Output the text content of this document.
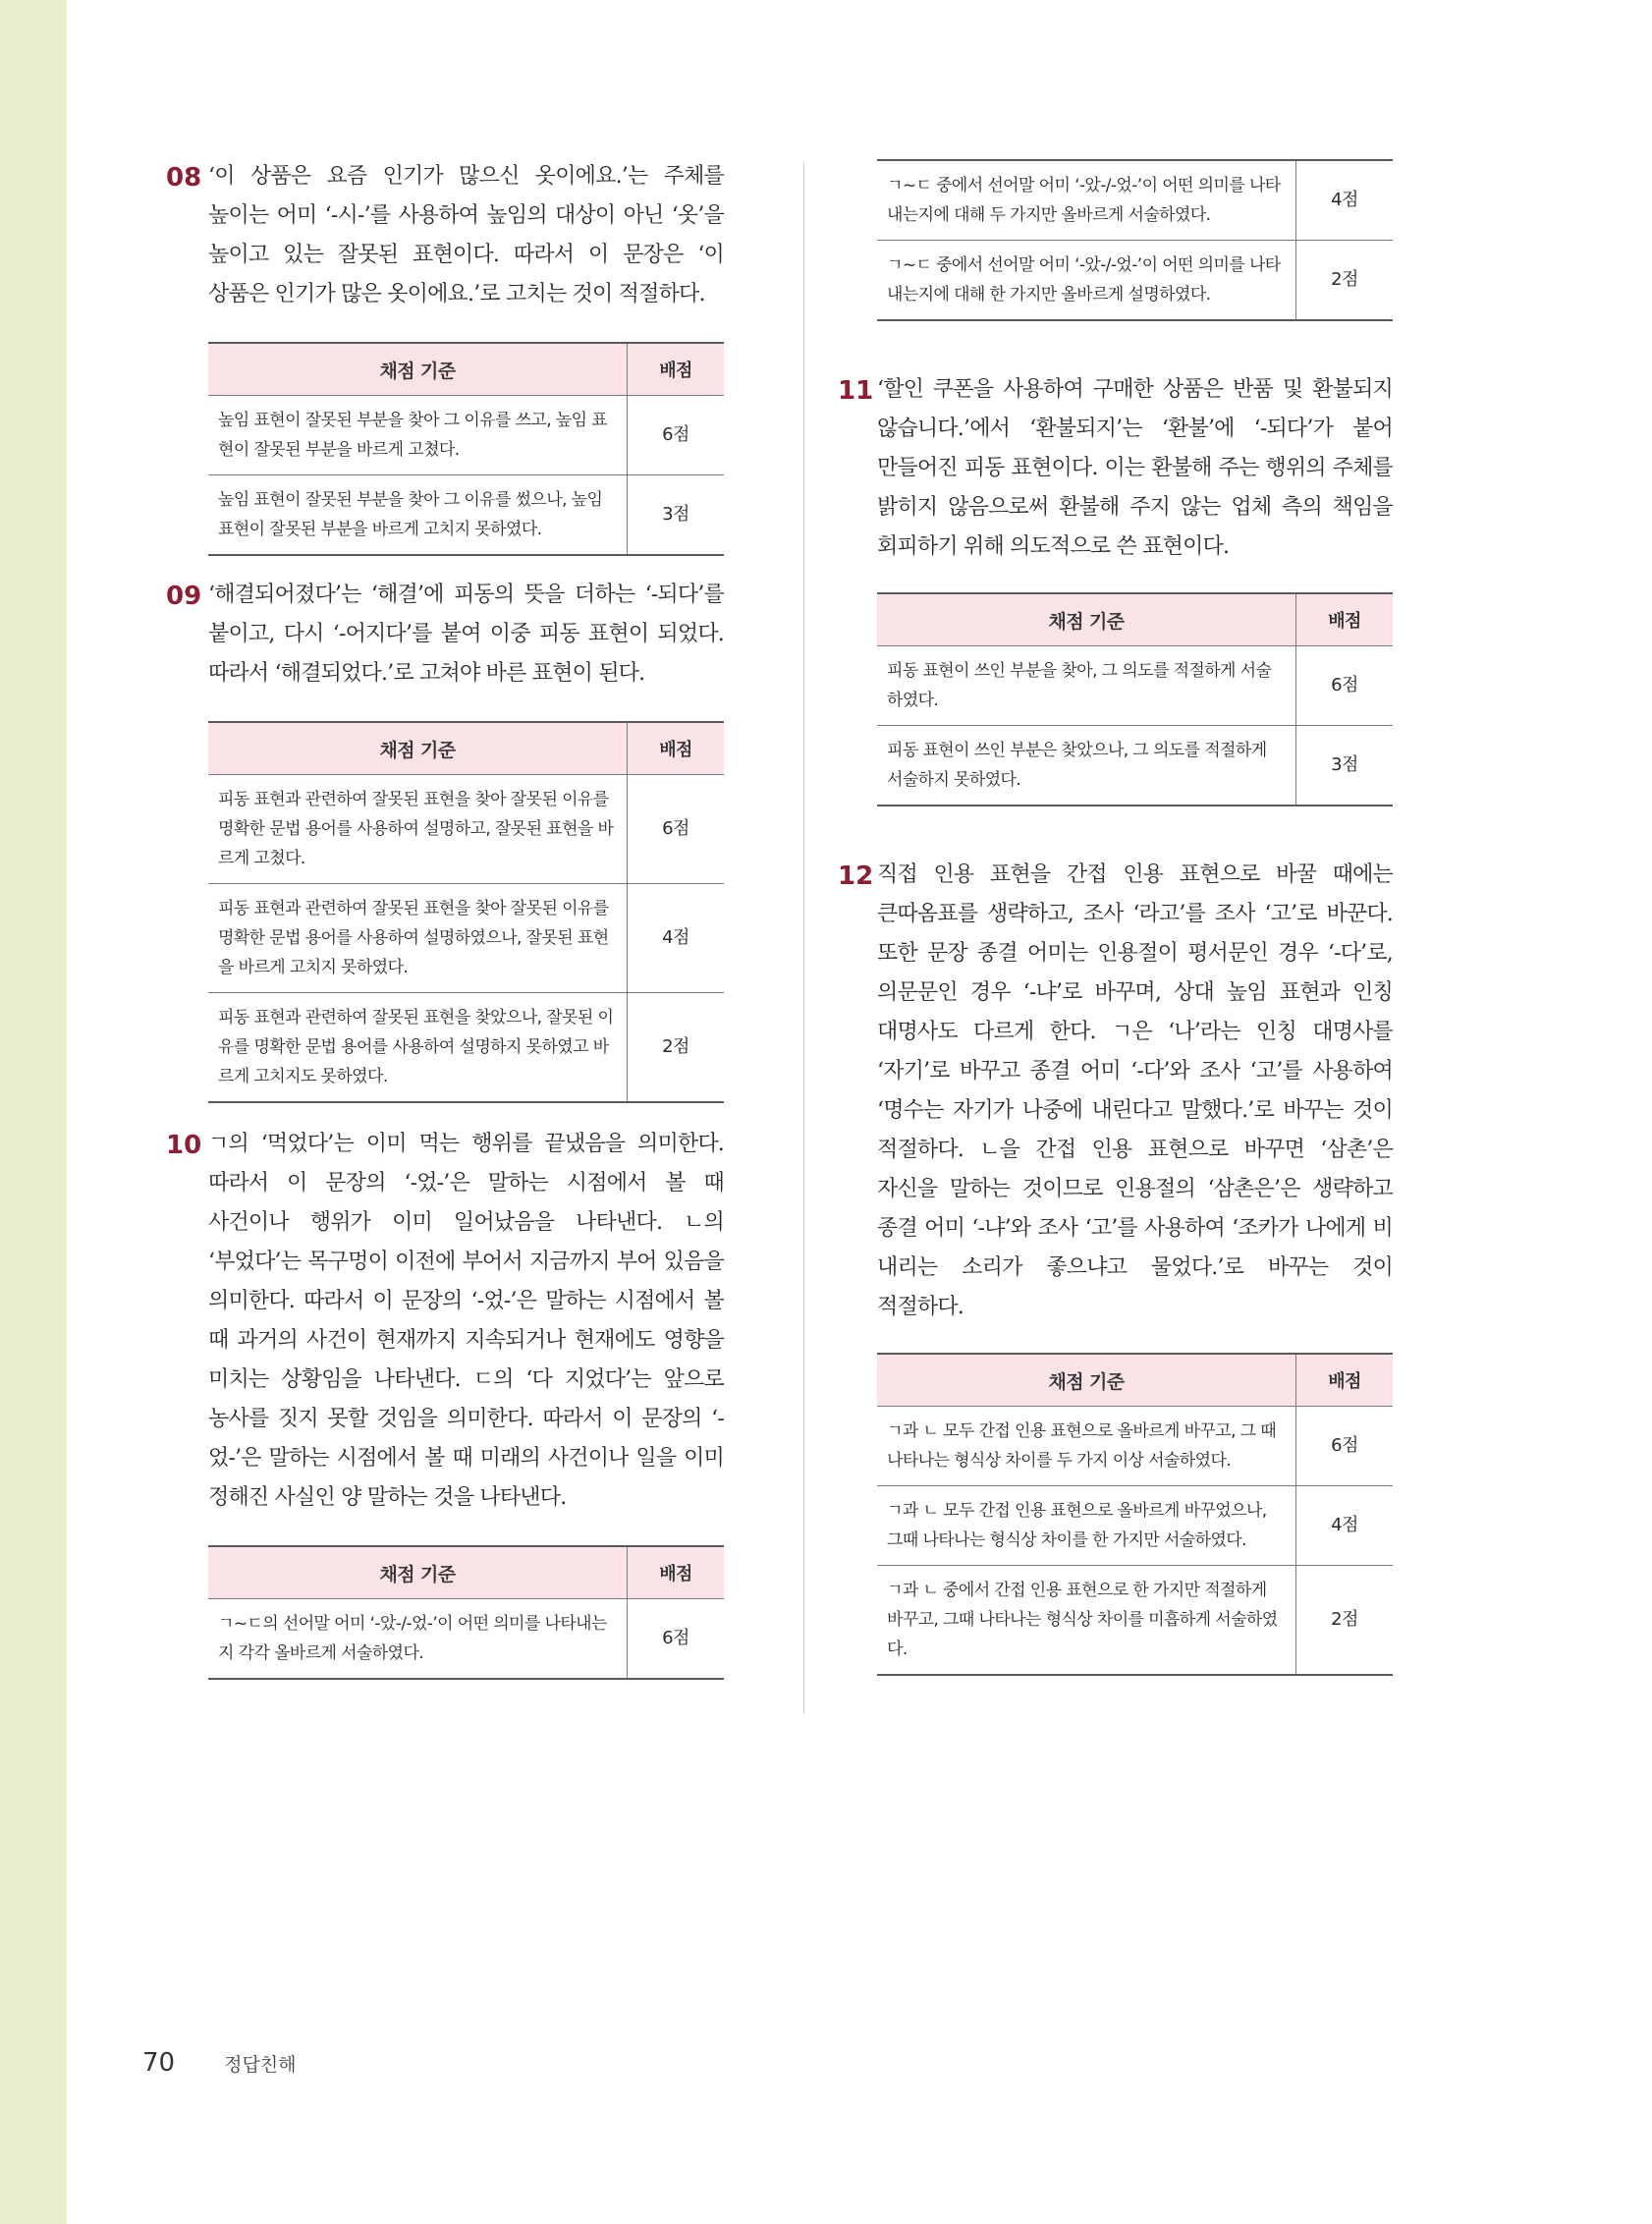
08 ‘이 상품은 요즘 인기가 많으신 옷이에요.’는 주체를 높이는 어미 ‘-시-’를 사용하여 높임의 대상이 아닌 ‘옷’을 높이고 있는 잘못된 표현이다. 따라서 이 문장은 ‘이 상품은 인기가 많은 옷이에요.’로 고치는 것이 적절하다.

채점 기준	배점
높임 표현이 잘못된 부분을 찾아 그 이유를 쓰고, 높임 표현이 잘못된 부분을 바르게 고쳤다.	6점
높임 표현이 잘못된 부분을 찾아 그 이유를 썼으나, 높임 표현이 잘못된 부분을 바르게 고치지 못하였다.	3점
09 ‘해결되어졌다’는 ‘해결’에 피동의 뜻을 더하는 ‘-되다’를 붙이고, 다시 ‘-어지다’를 붙여 이중 피동 표현이 되었다. 따라서 ‘해결되었다.’로 고쳐야 바른 표현이 된다.

채점 기준	배점
피동 표현과 관련하여 잘못된 표현을 찾아 잘못된 이유를 명확한 문법 용어를 사용하여 설명하고, 잘못된 표현을 바르게 고쳤다.	6점
피동 표현과 관련하여 잘못된 표현을 찾아 잘못된 이유를 명확한 문법 용어를 사용하여 설명하였으나, 잘못된 표현을 바르게 고치지 못하였다.	4점
피동 표현과 관련하여 잘못된 표현을 찾았으나, 잘못된 이유를 명확한 문법 용어를 사용하여 설명하지 못하였고 바르게 고치지도 못하였다.	2점
10 ㄱ의 ‘먹었다’는 이미 먹는 행위를 끝냈음을 의미한다. 따라서 이 문장의 ‘-었-’은 말하는 시점에서 볼 때 사건이나 행위가 이미 일어났음을 나타낸다. ㄴ의 ‘부었다’는 목구멍이 이전에 부어서 지금까지 부어 있음을 의미한다. 따라서 이 문장의 ‘-었-’은 말하는 시점에서 볼 때 과거의 사건이 현재까지 지속되거나 현재에도 영향을 미치는 상황임을 나타낸다. ㄷ의 ‘다 지었다’는 앞으로 농사를 짓지 못할 것임을 의미한다. 따라서 이 문장의 ‘-었-’은 말하는 시점에서 볼 때 미래의 사건이나 일을 이미 정해진 사실인 양 말하는 것을 나타낸다.

채점 기준	배점
ㄱ~ㄷ의 선어말 어미 ‘-았-/-었-’이 어떤 의미를 나타내는지 각각 올바르게 서술하였다.	6점
ㄱ~ㄷ 중에서 선어말 어미 ‘-았-/-었-’이 어떤 의미를 나타내는지에 대해 두 가지만 올바르게 서술하였다.	4점
ㄱ~ㄷ 중에서 선어말 어미 ‘-았-/-었-’이 어떤 의미를 나타내는지에 대해 한 가지만 올바르게 설명하였다.	2점
11 ‘할인 쿠폰을 사용하여 구매한 상품은 반품 및 환불되지 않습니다.’에서 ‘환불되지’는 ‘환불’에 ‘-되다’가 붙어 만들어진 피동 표현이다. 이는 환불해 주는 행위의 주체를 밝히지 않음으로써 환불해 주지 않는 업체 측의 책임을 회피하기 위해 의도적으로 쓴 표현이다.

채점 기준	배점
피동 표현이 쓰인 부분을 찾아, 그 의도를 적절하게 서술하였다.	6점
피동 표현이 쓰인 부분은 찾았으나, 그 의도를 적절하게 서술하지 못하였다.	3점
12 직접 인용 표현을 간접 인용 표현으로 바꿀 때에는 큰따옴표를 생략하고, 조사 ‘라고’를 조사 ‘고’로 바꾼다. 또한 문장 종결 어미는 인용절이 평서문인 경우 ‘-다’로, 의문문인 경우 ‘-냐’로 바꾸며, 상대 높임 표현과 인칭 대명사도 다르게 한다. ㄱ은 ‘나’라는 인칭 대명사를 ‘자기’로 바꾸고 종결 어미 ‘-다’와 조사 ‘고’를 사용하여 ‘명수는 자기가 나중에 내린다고 말했다.’로 바꾸는 것이 적절하다. ㄴ을 간접 인용 표현으로 바꾸면 ‘삼촌’은 자신을 말하는 것이므로 인용절의 ‘삼촌은’은 생략하고 종결 어미 ‘-냐’와 조사 ‘고’를 사용하여 ‘조카가 나에게 비 내리는 소리가 좋으냐고 물었다.’로 바꾸는 것이 적절하다.

채점 기준	배점
ㄱ과 ㄴ 모두 간접 인용 표현으로 올바르게 바꾸고, 그 때 나타나는 형식상 차이를 두 가지 이상 서술하였다.	6점
ㄱ과 ㄴ 모두 간접 인용 표현으로 올바르게 바꾸었으나, 그때 나타나는 형식상 차이를 한 가지만 서술하였다.	4점
ㄱ과 ㄴ 중에서 간접 인용 표현으로 한 가지만 적절하게 바꾸고, 그때 나타나는 형식상 차이를 미흡하게 서술하였다.	2점
70	정답친해
